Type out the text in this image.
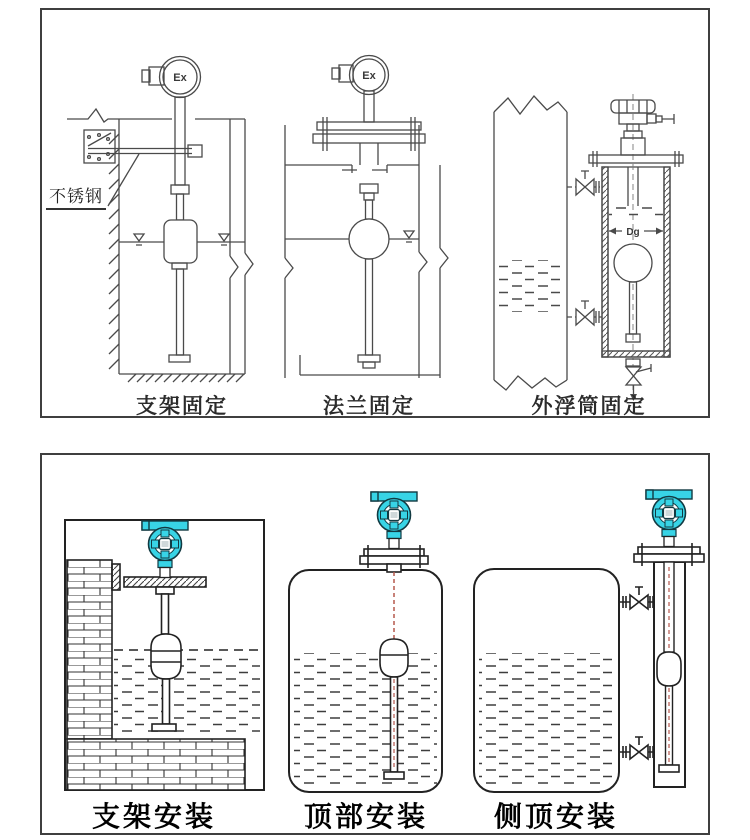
Ex	Ex
Dg
不锈钢
支架固定	法兰固定	外浮筒固定
支架安装	顶部安装 侧顶安装
